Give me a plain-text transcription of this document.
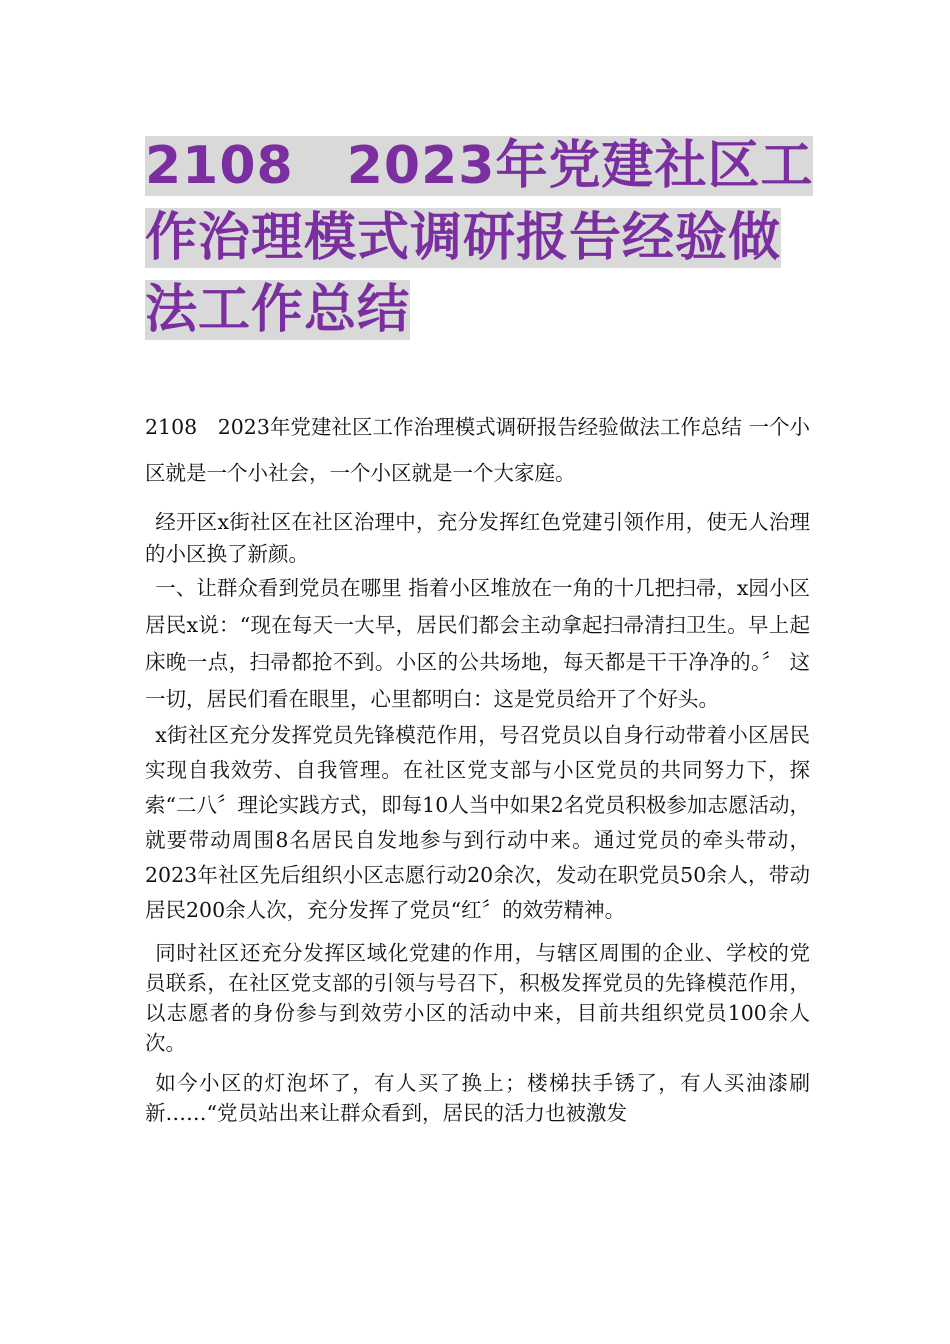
2108　2023年党建社区工作治理模式调研报告经验做法工作总结

2108　2023年党建社区工作治理模式调研报告经验做法工作总结 一个小区就是一个小社会，一个小区就是一个大家庭。

经开区x街社区在社区治理中，充分发挥红色党建引领作用，使无人治理的小区换了新颜。

一、让群众看到党员在哪里 指着小区堆放在一角的十几把扫帚，x园小区居民x说：“现在每天一大早，居民们都会主动拿起扫帚清扫卫生。早上起床晚一点，扫帚都抢不到。小区的公共场地，每天都是干干净净的。〞 这一切，居民们看在眼里，心里都明白：这是党员给开了个好头。

x街社区充分发挥党员先锋模范作用，号召党员以自身行动带着小区居民实现自我效劳、自我管理。在社区党支部与小区党员的共同努力下，探索“二八〞理论实践方式，即每10人当中如果2名党员积极参加志愿活动，就要带动周围8名居民自发地参与到行动中来。通过党员的牵头带动，2023年社区先后组织小区志愿行动20余次，发动在职党员50余人，带动居民200余人次，充分发挥了党员“红〞的效劳精神。

同时社区还充分发挥区域化党建的作用，与辖区周围的企业、学校的党员联系，在社区党支部的引领与号召下，积极发挥党员的先锋模范作用，以志愿者的身份参与到效劳小区的活动中来，目前共组织党员100余人次。

如今小区的灯泡坏了，有人买了换上；楼梯扶手锈了，有人买油漆刷新……“党员站出来让群众看到，居民的活力也被激发
